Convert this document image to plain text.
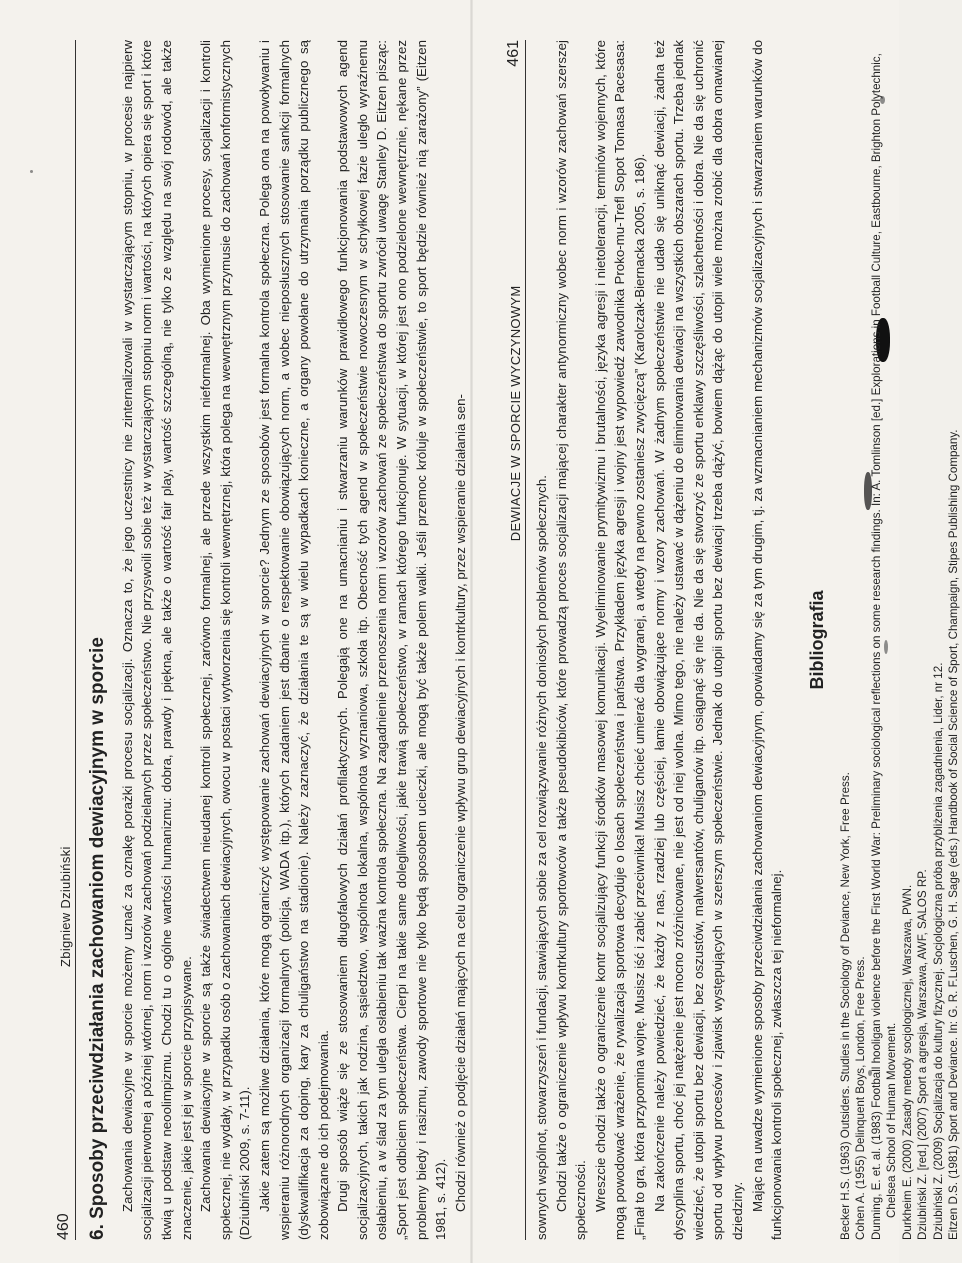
460
Zbigniew Dziubiński 6. Sposoby przeciwdziałania zachowaniom dewiacyjnym w sporcie Zachowania dewiacyjne w sporcie możemy uznać za oznakę porażki procesu socjalizacji. Oznacza to, że jego uczestnicy nie zinternalizowali w wystarczającym stopniu, w procesie najpierw socjalizacji pierwotnej a później wtórnej, norm i wzorów zachowań podzielanych przez społeczeństwo. Nie przyswoili sobie też w wystarczającym stopniu norm i wartości, na których opiera się sport i które tkwią u podstaw neoolimpizmu. Chodzi tu o ogólne wartości humanizmu: dobra, prawdy i piękna, ale także o wartość fair play, wartość szczególną, nie tylko ze względu na swój rodowód, ale także znaczenie, jakie jest jej w sporcie przypisywane. Zachowania dewiacyjne w sporcie są także świadectwem nieudanej kontroli społecznej, zarówno formalnej, ale przede wszystkim nieformalnej. Oba wymienione procesy, socjalizacji i kontroli społecznej, nie wydały, w przypadku osób o zachowaniach dewiacyjnych, owocu w postaci wytworzenia się kontroli wewnętrznej, która polega na wewnętrznym przymusie do zachowań konformistycznych (Dziubiński 2009, s. 7-11). Jakie zatem są możliwe działania, które mogą ograniczyć występowanie zachowań dewiacyjnych w sporcie? Jednym ze sposobów jest formalna kontrola społeczna. Polega ona na powoływaniu i wspieraniu różnorodnych organizacji formalnych (policja, WADA itp.), których zadaniem jest dbanie o respektowanie obowiązujących norm, a wobec nieposłusznych stosowanie sankcji formalnych (dyskwalifikacja za doping, kary za chuligaństwo na stadionie). Należy zaznaczyć, że działania te są w wielu wypadkach konieczne, a organy powołane do utrzymania porządku publicznego są zobowiązane do ich podejmowania. Drugi sposób wiąże się ze stosowaniem długofalowych działań profilaktycznych. Polegają one na umacnianiu i stwarzaniu warunków prawidłowego funkcjonowania podstawowych agend socjalizacyjnych, takich jak rodzina, sąsiedztwo, wspólnota lokalna, wspólnota wyznaniowa, szkoła itp. Obecność tych agend w społeczeństwie nowoczesnym w schyłkowej fazie uległo wyraźnemu osłabieniu, a w ślad za tym uległa osłabieniu tak ważna kontrola społeczna. Na zagadnienie przenoszenia norm i wzorów zachowań ze społeczeństwa do sportu zwrócił uwagę Stanley D. Eitzen pisząc: „Sport jest odbiciem społeczeństwa. Cierpi na takie same dolegliwości, jakie trawią społeczeństwo, w ramach którego funkcjonuje. W sytuacji, w której jest ono podzielone wewnętrznie, nękane przez problemy biedy i rasizmu, zawody sportowe nie tylko będą sposobem ucieczki, ale mogą być także polem walki. Jeśli przemoc króluje w społeczeństwie, to sport będzie również nią zarażony” (Eitzen 1981, s. 412). Chodzi również o podjęcie działań mających na celu ograniczenie wpływu grup dewiacyjnych i kontrkultury, przez wspieranie działania sen-	DEWIACJE W SPORCIE WYCZYNOWYM
461

sownych wspólnot, stowarzyszeń i fundacji, stawiających sobie za cel rozwiązywanie różnych doniosłych problemów społecznych. Chodzi także o ograniczenie wpływu kontrkultury sportowców a także pseudokibiców, które prowadzą proces socjalizacji mającej charakter antynormiczny wobec norm i wzorów zachowań szerszej społeczności. Wreszcie chodzi także o ograniczenie kontr socjalizujący funkcji środków masowej komunikacji. Wyeliminowanie prymitywizmu i brutalności, języka agresji i nietolerancji, terminów wojennych, które mogą powodować wrażenie, że rywalizacja sportowa decyduje o losach społeczeństwa i państwa. Przykładem języka agresji i wojny jest wypowiedź zawodnika Proko-mu-Trefl Sopot Tomasa Pacesasa: „Finał to gra, która przypomina wojnę. Musisz iść i zabić przeciwnika! Musisz chcieć umierać dla wygranej, a wtedy na pewno zostaniesz zwycięzcą” (Karolczak-Biernacka 2005, s. 186). Na zakończenie należy powiedzieć, że każdy z nas, rzadziej lub częściej, łamie obowiązujące normy i wzory zachowań. W żadnym społeczeństwie nie udało się uniknąć dewiacji, żadna też dyscyplina sportu, choć jej natężenie jest mocno zróżnicowane, nie jest od niej wolna. Mimo tego, nie należy ustawać w dążeniu do eliminowania dewiacji na wszystkich obszarach sportu. Trzeba jednak wiedzieć, że utopii sportu bez dewiacji, bez oszustów, malwersantów, chuliganów itp. osiągnąć się nie da. Nie da się stworzyć ze sportu enklawy szczęśliwości, szlachetności i dobra. Nie da się uchronić sportu od wpływu procesów i zjawisk występujących w szerszym społeczeństwie. Jednak do utopii sportu bez dewiacji trzeba dążyć, bowiem dążąc do utopii wiele można zrobić dla dobra omawianej dziedziny. Mając na uwadze wymienione sposoby przeciwdziałania zachowaniom dewiacyjnym, opowiadamy się za tym drugim, tj. za wzmacnianiem mechanizmów socjalizacyjnych i stwarzaniem warunków do funkcjonowania kontroli społecznej, zwłaszcza tej nieformalnej.

Bibliografia

Becker H.S. (1963) Outsiders. Studies in the Sociology of Deviance, New York, Free Press. Cohen A. (1955) Delinquent Boys, London, Free Press. Dunning, E. et. al. (1983) Football hooligan violence before the First World War: Preliminary sociological reflections on some research findings. In: A. Tomlinson [ed.] Explorations in Football Culture, Eastbourne, Brighton Polytechnic, Chelsea School of Human Movement. Durkheim E. (2000) Zasady metody socjologicznej, Warszawa, PWN. Dziubiński Z. [red.] (2007) Sport a agresja, Warszawa, AWF, SALOS RP. Dziubiński Z. (2009) Socjalizacja do kultury fizycznej. Socjologiczna próba przybliżenia zagadnienia, Lider, nr 12. Eitzen D.S. (1981) Sport and Deviance. In: G. R. F.Luschen, G. H. Sage (eds.) Handbook of Social Science of Sport, Champaign, Stipes Publishing Company.
